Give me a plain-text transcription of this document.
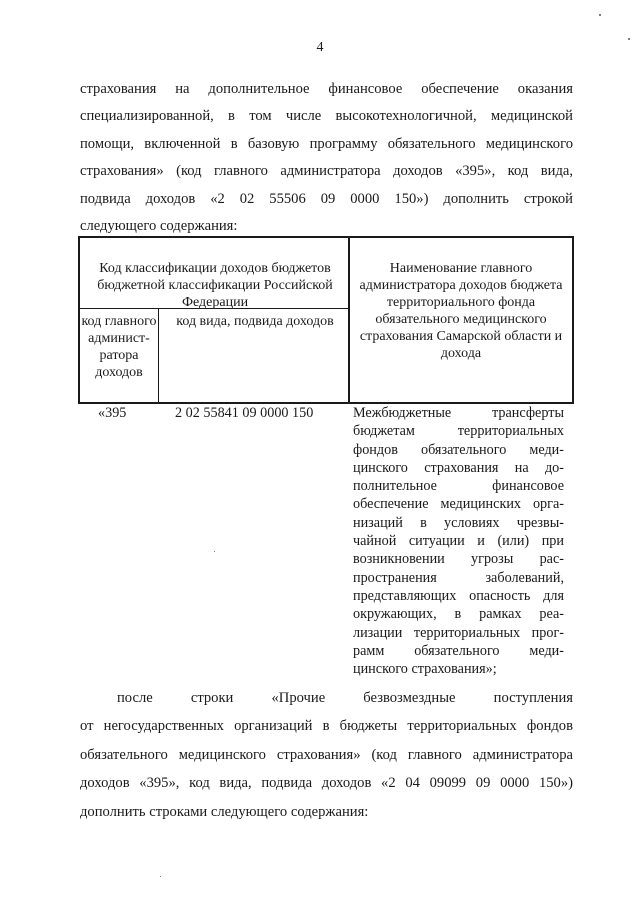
4
страхования на дополнительное финансовое обеспечение оказания
специализированной, в том числе высокотехнологичной, медицинской
помощи, включенной в базовую программу обязательного медицинского
страхования» (код главного администратора доходов «395», код вида,
подвида доходов «2 02 55506 09 0000 150») дополнить строкой
следующего содержания:
Код классификации доходов бюджетов бюджетной классификации Российской Федерации
Наименование главного администратора доходов бюджета территориального фонда обязательного медицинского страхования Самарской области и дохода
код главного админист-ратора доходов
код вида, подвида доходов
«395	2 02 55841 09 0000 150	Межбюджетные трансферты
бюджетам территориальных
фондов обязательного меди-
цинского страхования на до-
полнительное финансовое
обеспечение медицинских орга-
низаций в условиях чрезвы-
чайной ситуации и (или) при
возникновении угрозы рас-
пространения заболеваний,
представляющих опасность для
окружающих, в рамках реа-
лизации территориальных прог-
рамм обязательного меди-
цинского страхования»;
после строки «Прочие безвозмездные поступления
от негосударственных организаций в бюджеты территориальных фондов
обязательного медицинского страхования» (код главного администратора
доходов «395», код вида, подвида доходов «2 04 09099 09 0000 150»)
дополнить строками следующего содержания:
